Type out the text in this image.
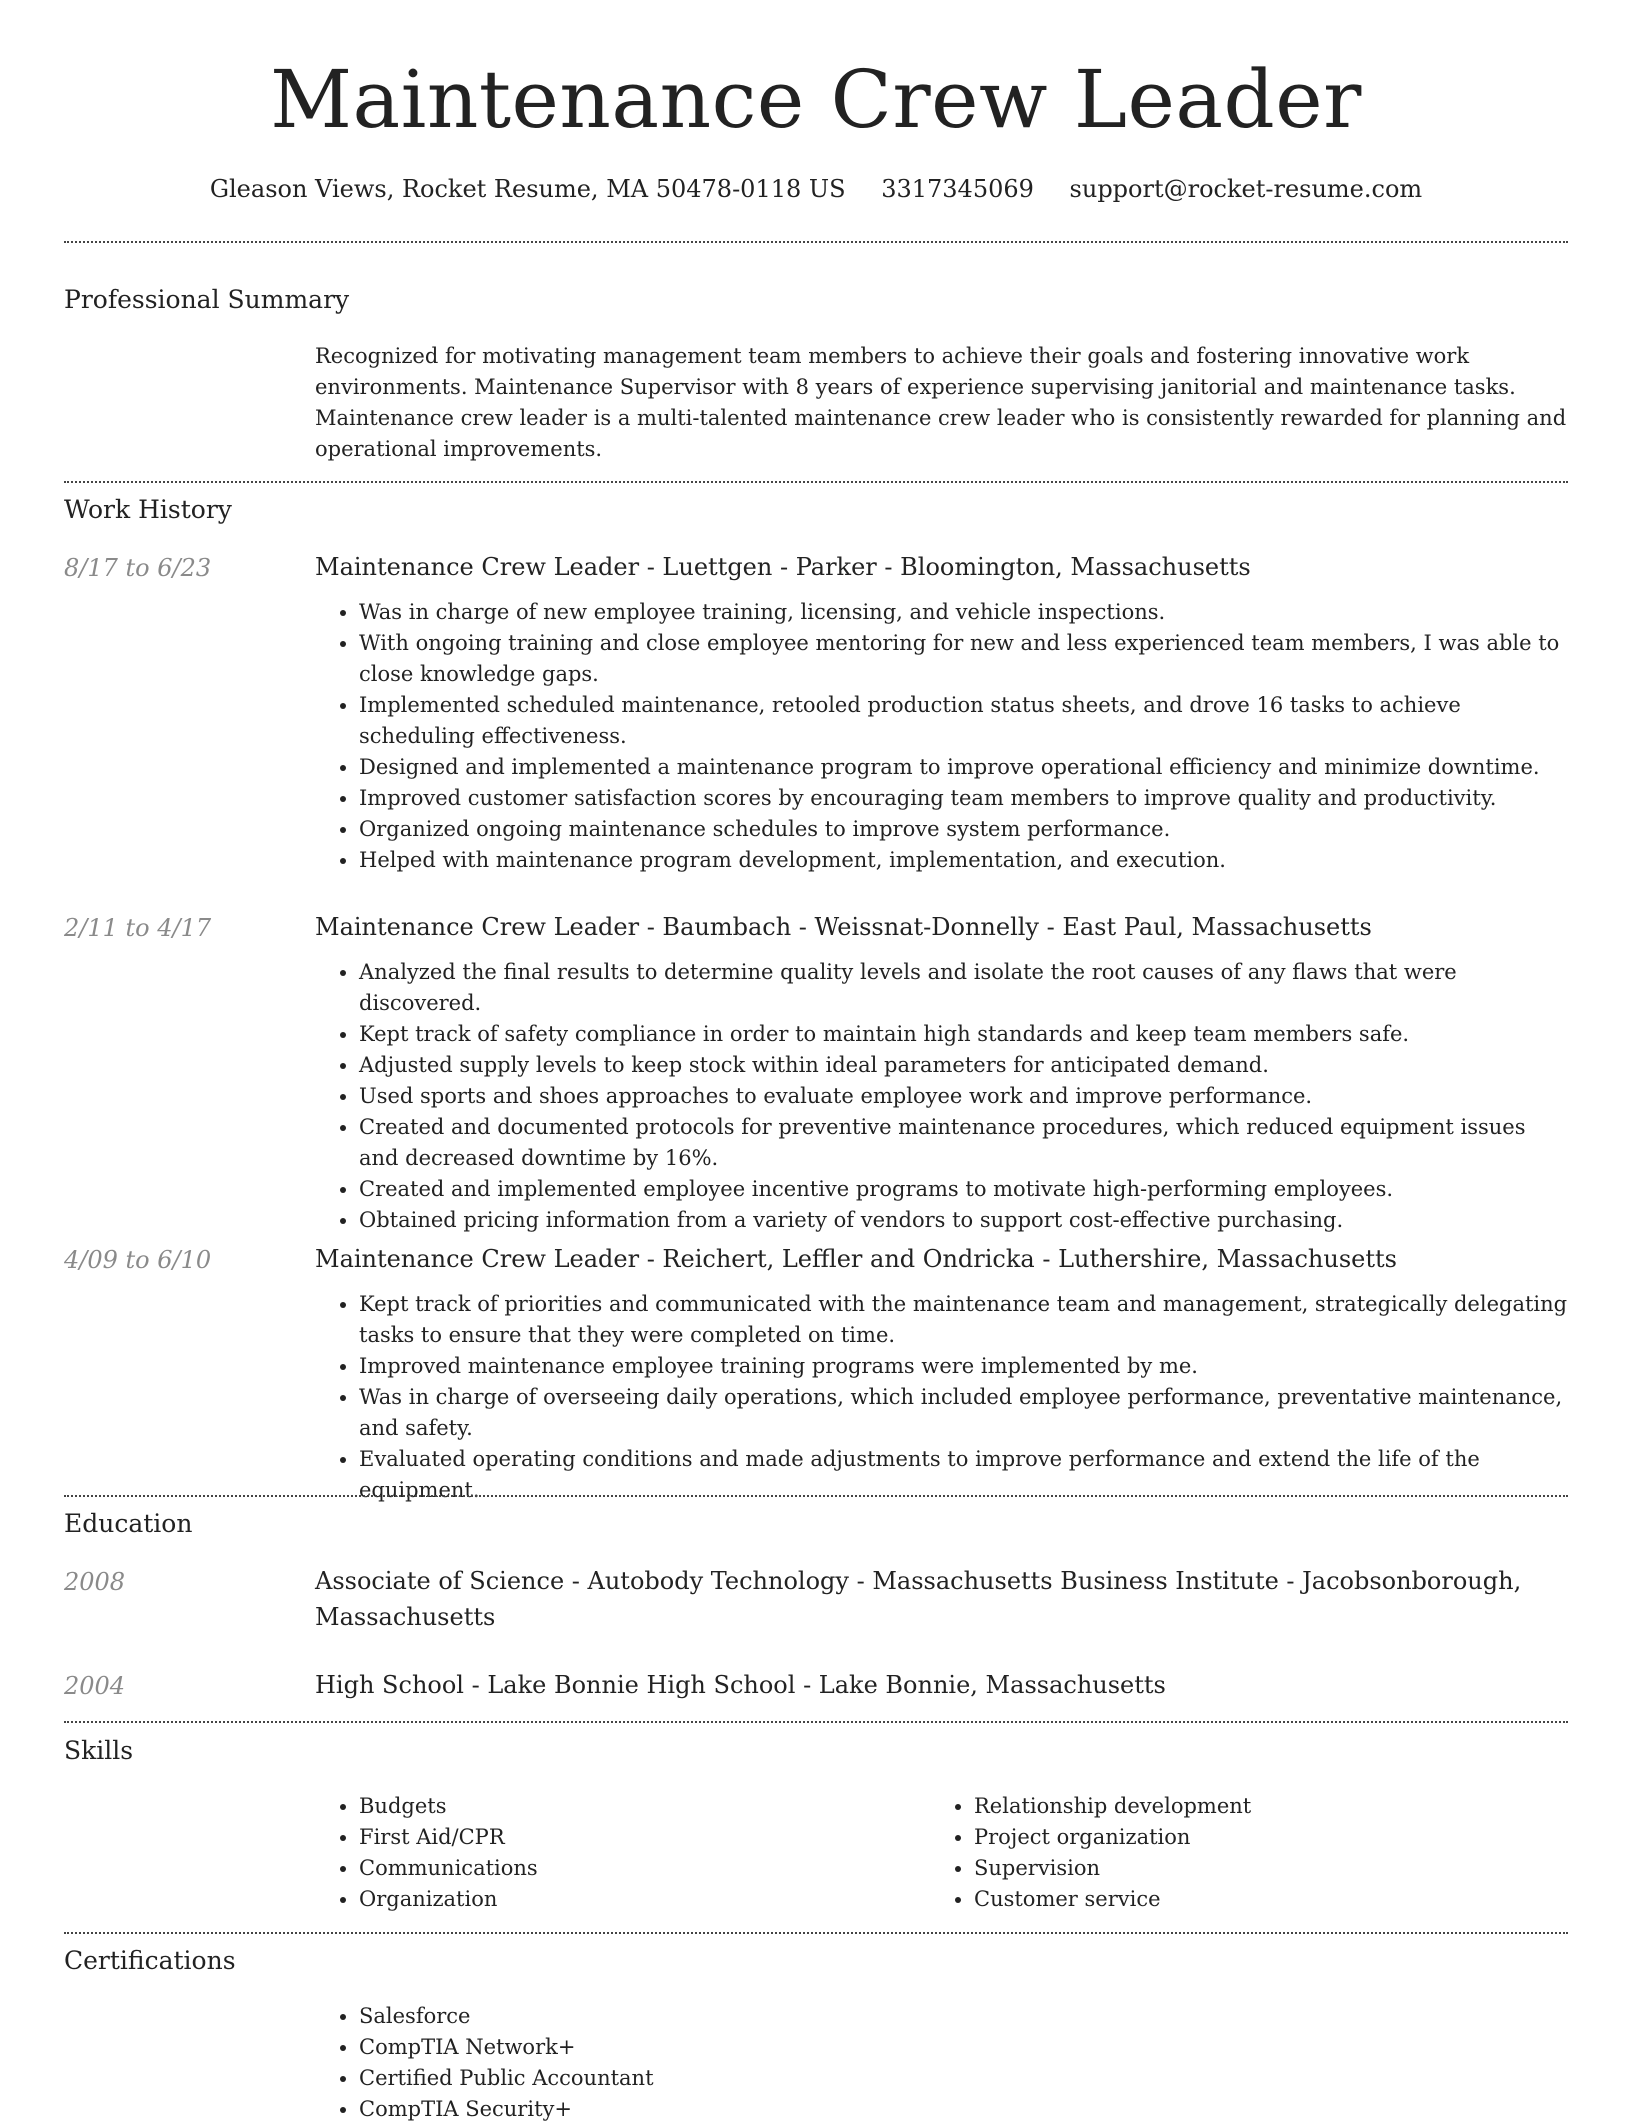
Maintenance Crew Leader
Gleason Views, Rocket Resume, MA 50478-0118 US 3317345069 support@rocket-resume.com
Professional Summary
Recognized for motivating management team members to achieve their goals and fostering innovative work environments. Maintenance Supervisor with 8 years of experience supervising janitorial and maintenance tasks. Maintenance crew leader is a multi-talented maintenance crew leader who is consistently rewarded for planning and operational improvements.
Work History
8/17 to 6/23	Maintenance Crew Leader - Luettgen - Parker - Bloomington, Massachusetts
• Was in charge of new employee training, licensing, and vehicle inspections.
• With ongoing training and close employee mentoring for new and less experienced team members, I was able to close knowledge gaps.
• Implemented scheduled maintenance, retooled production status sheets, and drove 16 tasks to achieve scheduling effectiveness.
• Designed and implemented a maintenance program to improve operational efficiency and minimize downtime.
• Improved customer satisfaction scores by encouraging team members to improve quality and productivity.
• Organized ongoing maintenance schedules to improve system performance.
• Helped with maintenance program development, implementation, and execution.
2/11 to 4/17	Maintenance Crew Leader - Baumbach - Weissnat-Donnelly - East Paul, Massachusetts
• Analyzed the final results to determine quality levels and isolate the root causes of any flaws that were discovered.
• Kept track of safety compliance in order to maintain high standards and keep team members safe.
• Adjusted supply levels to keep stock within ideal parameters for anticipated demand.
• Used sports and shoes approaches to evaluate employee work and improve performance.
• Created and documented protocols for preventive maintenance procedures, which reduced equipment issues and decreased downtime by 16%.
• Created and implemented employee incentive programs to motivate high-performing employees.
• Obtained pricing information from a variety of vendors to support cost-effective purchasing.
4/09 to 6/10	Maintenance Crew Leader - Reichert, Leffler and Ondricka - Luthershire, Massachusetts
• Kept track of priorities and communicated with the maintenance team and management, strategically delegating tasks to ensure that they were completed on time.
• Improved maintenance employee training programs were implemented by me.
• Was in charge of overseeing daily operations, which included employee performance, preventative maintenance, and safety.
• Evaluated operating conditions and made adjustments to improve performance and extend the life of the equipment.
Education
2008	Associate of Science - Autobody Technology - Massachusetts Business Institute - Jacobsonborough, Massachusetts
2004	High School - Lake Bonnie High School - Lake Bonnie, Massachusetts
Skills
• Budgets
• First Aid/CPR
• Communications
• Organization
• Relationship development
• Project organization
• Supervision
• Customer service
Certifications
• Salesforce
• CompTIA Network+
• Certified Public Accountant
• CompTIA Security+
